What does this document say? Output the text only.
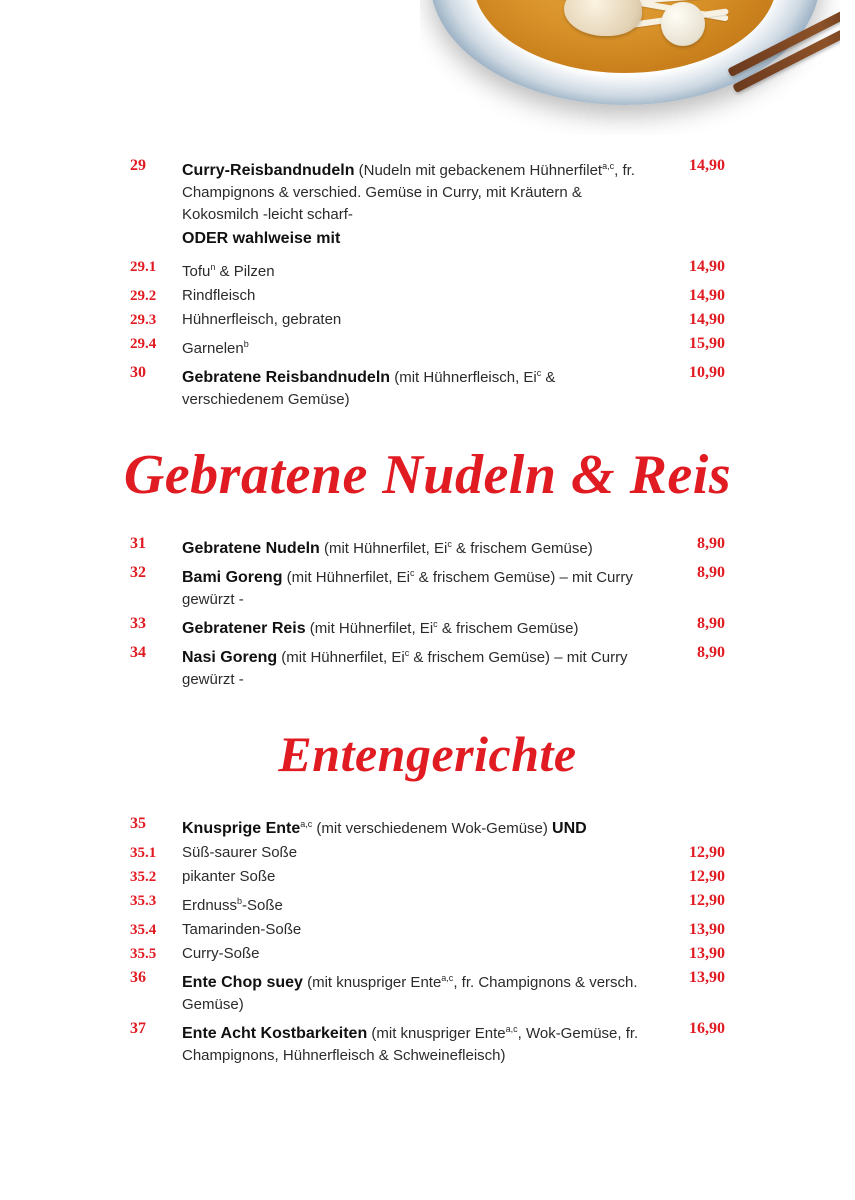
29	Curry-Reisbandnudeln (Nudeln mit gebackenem Hühnerfilet$^{a,c}$, fr. Champignons & verschied. Gemüse in Curry, mit Kräutern & Kokosmilch -leicht scharf-
14,90
ODER wahlweise mit
29.1	Tofu$^n$ & Pilzen	14,90
29.2	Rindfleisch	14,90
29.3	Hühnerfleisch, gebraten	14,90
29.4	Garnelen$^b$	15,90
30	Gebratene Reisbandnudeln (mit Hühnerfleisch, Ei$^c$ & verschiedenem Gemüse)
10,90
Gebratene Nudeln & Reis
31	Gebratene Nudeln (mit Hühnerfilet, Ei$^c$ & frischem Gemüse)	8,90
32	Bami Goreng (mit Hühnerfilet, Ei$^c$ & frischem Gemüse) – mit Curry gewürzt -
8,90
33	Gebratener Reis (mit Hühnerfilet, Ei$^c$ & frischem Gemüse)	8,90
34	Nasi Goreng (mit Hühnerfilet, Ei$^c$ & frischem Gemüse) – mit Curry gewürzt -
8,90
Entengerichte
35	Knusprige Ente$^{a,c}$ (mit verschiedenem Wok-Gemüse) UND
35.1	Süß-saurer Soße	12,90
35.2	pikanter Soße	12,90
35.3	Erdnuss$^b$-Soße	12,90
35.4	Tamarinden-Soße	13,90
35.5	Curry-Soße	13,90
36	Ente Chop suey (mit knuspriger Ente$^{a,c}$, fr. Champignons & versch. Gemüse)
13,90
37	Ente Acht Kostbarkeiten (mit knuspriger Ente$^{a,c}$, Wok-Gemüse, fr. Champignons, Hühnerfleisch & Schweinefleisch)
16,90
